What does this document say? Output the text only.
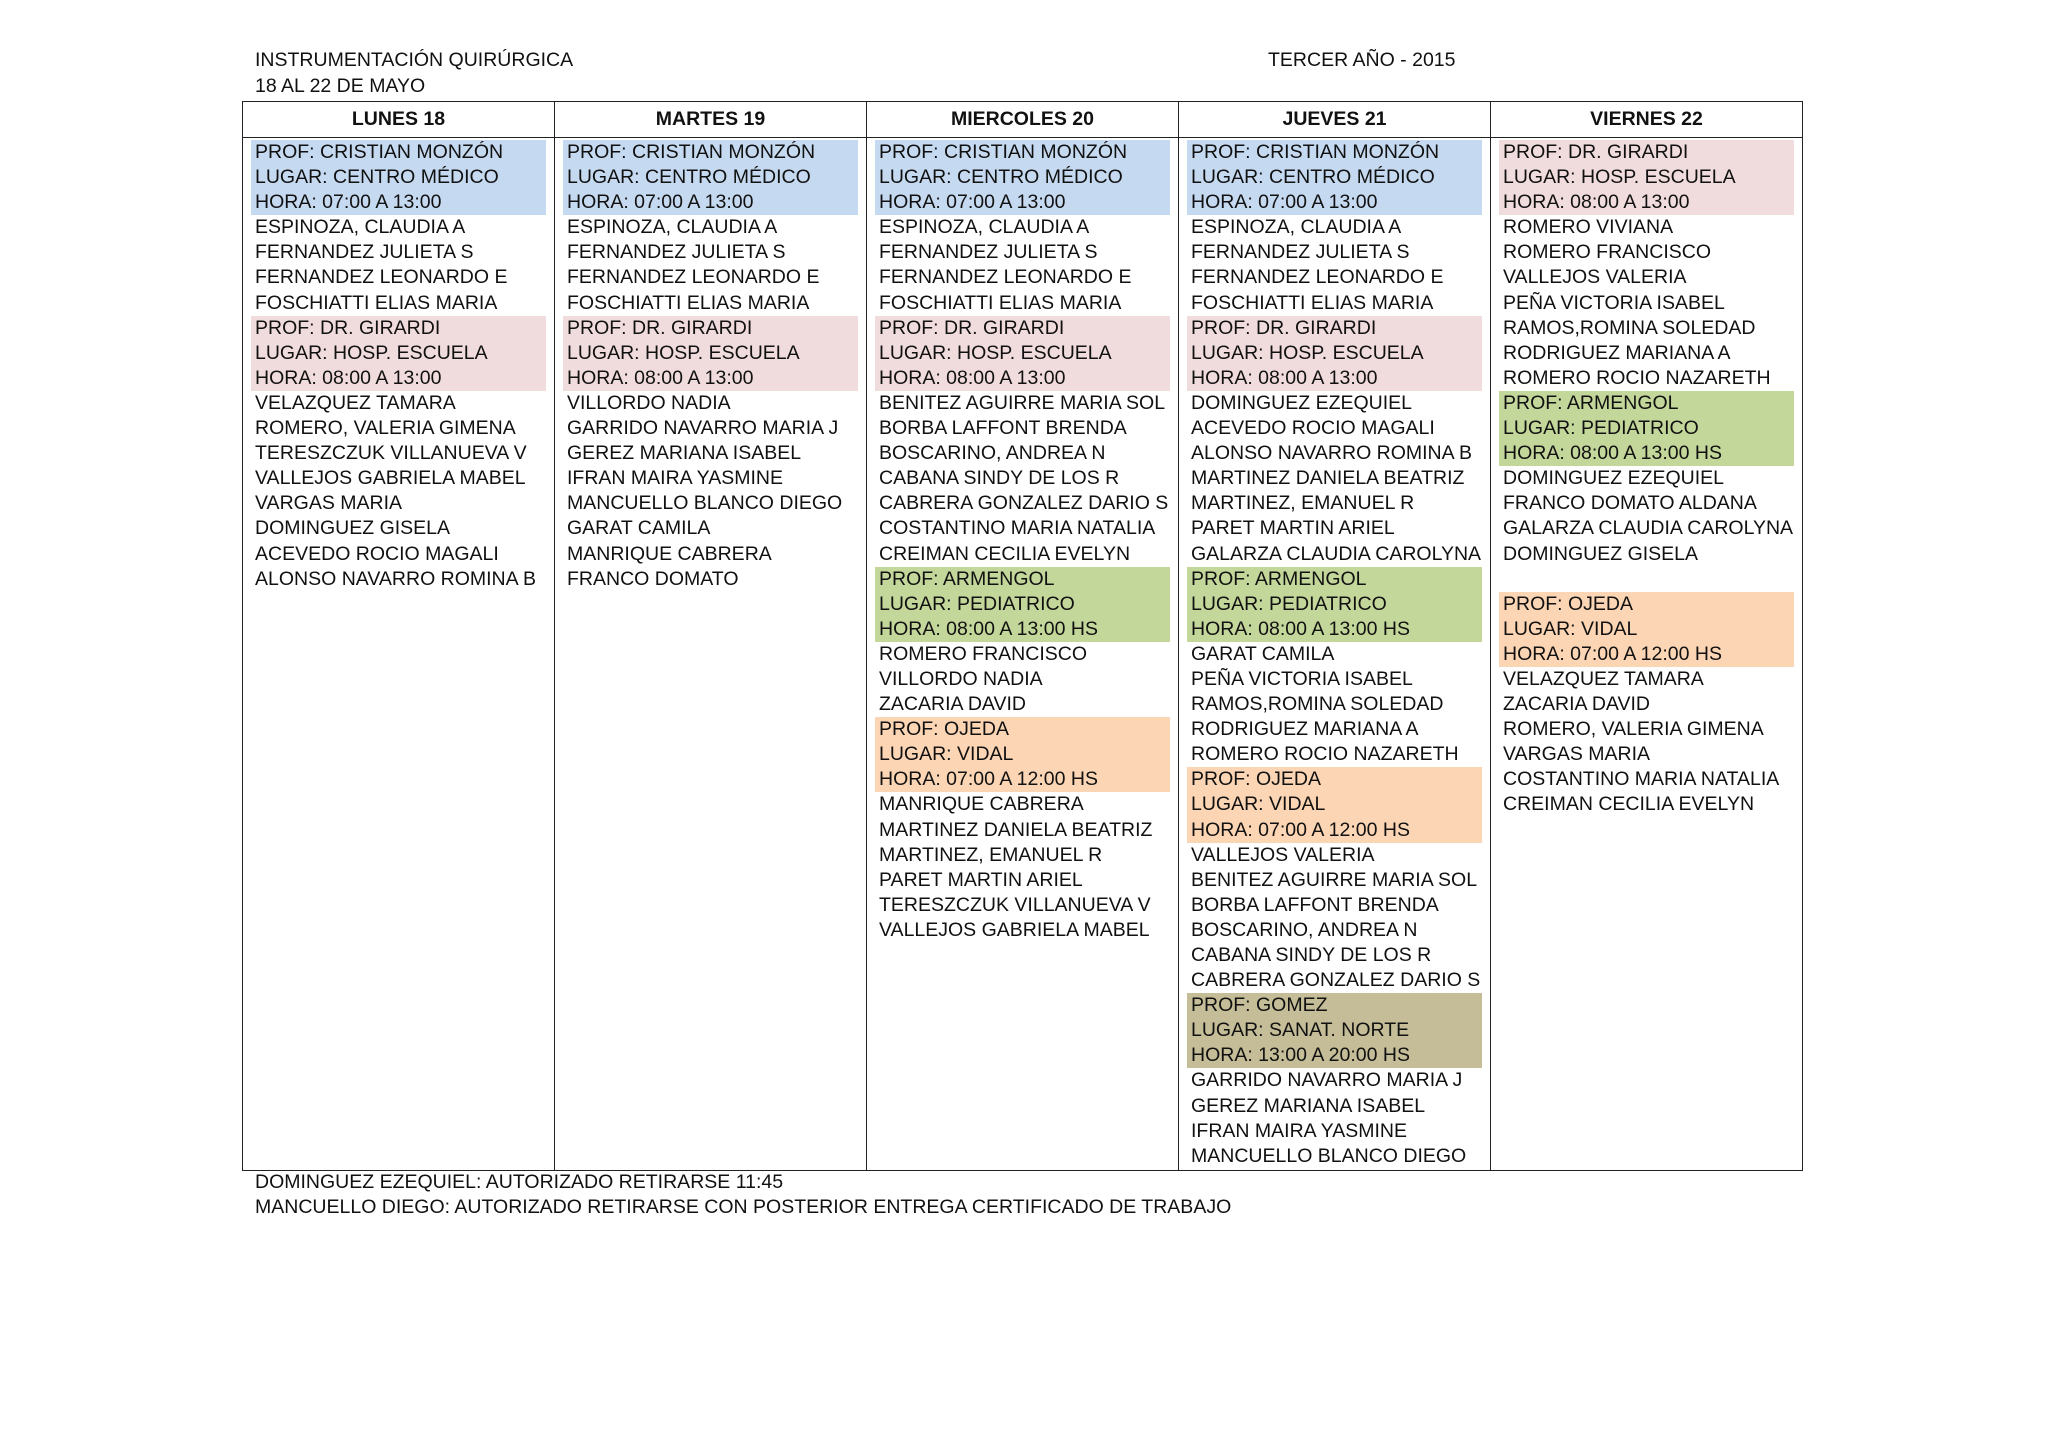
INSTRUMENTACIÓN QUIRÚRGICA
18 AL 22 DE MAYO
TERCER AÑO - 2015
LUNES 18
PROF: CRISTIAN MONZÓN
LUGAR: CENTRO MÉDICO
HORA: 07:00 A 13:00
ESPINOZA, CLAUDIA A
FERNANDEZ JULIETA S
FERNANDEZ LEONARDO E
FOSCHIATTI ELIAS MARIA
PROF: DR. GIRARDI
LUGAR: HOSP. ESCUELA
HORA: 08:00 A 13:00
VELAZQUEZ TAMARA
ROMERO, VALERIA GIMENA
TERESZCZUK VILLANUEVA V
VALLEJOS GABRIELA MABEL
VARGAS MARIA
DOMINGUEZ GISELA
ACEVEDO ROCIO MAGALI
ALONSO NAVARRO ROMINA B
MARTES 19
PROF: CRISTIAN MONZÓN
LUGAR: CENTRO MÉDICO
HORA: 07:00 A 13:00
ESPINOZA, CLAUDIA A
FERNANDEZ JULIETA S
FERNANDEZ LEONARDO E
FOSCHIATTI ELIAS MARIA
PROF: DR. GIRARDI
LUGAR: HOSP. ESCUELA
HORA: 08:00 A 13:00
VILLORDO NADIA
GARRIDO NAVARRO MARIA J
GEREZ MARIANA ISABEL
IFRAN MAIRA YASMINE
MANCUELLO BLANCO DIEGO
GARAT CAMILA
MANRIQUE CABRERA
FRANCO DOMATO
MIERCOLES 20
PROF: CRISTIAN MONZÓN
LUGAR: CENTRO MÉDICO
HORA: 07:00 A 13:00
ESPINOZA, CLAUDIA A
FERNANDEZ JULIETA S
FERNANDEZ LEONARDO E
FOSCHIATTI ELIAS MARIA
PROF: DR. GIRARDI
LUGAR: HOSP. ESCUELA
HORA: 08:00 A 13:00
BENITEZ AGUIRRE MARIA SOL
BORBA LAFFONT BRENDA
BOSCARINO, ANDREA N
CABANA SINDY DE LOS R
CABRERA GONZALEZ DARIO S
COSTANTINO MARIA NATALIA
CREIMAN CECILIA EVELYN
PROF: ARMENGOL
LUGAR: PEDIATRICO
HORA: 08:00 A 13:00 HS
ROMERO FRANCISCO
VILLORDO NADIA
ZACARIA DAVID
PROF: OJEDA
LUGAR: VIDAL
HORA: 07:00 A 12:00 HS
MANRIQUE CABRERA
MARTINEZ DANIELA BEATRIZ
MARTINEZ, EMANUEL R
PARET MARTIN ARIEL
TERESZCZUK VILLANUEVA V
VALLEJOS GABRIELA MABEL
JUEVES 21
PROF: CRISTIAN MONZÓN
LUGAR: CENTRO MÉDICO
HORA: 07:00 A 13:00
ESPINOZA, CLAUDIA A
FERNANDEZ JULIETA S
FERNANDEZ LEONARDO E
FOSCHIATTI ELIAS MARIA
PROF: DR. GIRARDI
LUGAR: HOSP. ESCUELA
HORA: 08:00 A 13:00
DOMINGUEZ EZEQUIEL
ACEVEDO ROCIO MAGALI
ALONSO NAVARRO ROMINA B
MARTINEZ DANIELA BEATRIZ
MARTINEZ, EMANUEL R
PARET MARTIN ARIEL
GALARZA CLAUDIA CAROLYNA
PROF: ARMENGOL
LUGAR: PEDIATRICO
HORA: 08:00 A 13:00 HS
GARAT CAMILA
PEÑA VICTORIA ISABEL
RAMOS,ROMINA SOLEDAD
RODRIGUEZ MARIANA A
ROMERO ROCIO NAZARETH
PROF: OJEDA
LUGAR: VIDAL
HORA: 07:00 A 12:00 HS
VALLEJOS VALERIA
BENITEZ AGUIRRE MARIA SOL
BORBA LAFFONT BRENDA
BOSCARINO, ANDREA N
CABANA SINDY DE LOS R
CABRERA GONZALEZ DARIO S
PROF: GOMEZ
LUGAR: SANAT. NORTE
HORA: 13:00 A 20:00 HS
GARRIDO NAVARRO MARIA J
GEREZ MARIANA ISABEL
IFRAN MAIRA YASMINE
MANCUELLO BLANCO DIEGO
VIERNES 22
PROF: DR. GIRARDI
LUGAR: HOSP. ESCUELA
HORA: 08:00 A 13:00
ROMERO VIVIANA
ROMERO FRANCISCO
VALLEJOS VALERIA
PEÑA VICTORIA ISABEL
RAMOS,ROMINA SOLEDAD
RODRIGUEZ MARIANA A
ROMERO ROCIO NAZARETH
PROF: ARMENGOL
LUGAR: PEDIATRICO
HORA: 08:00 A 13:00 HS
DOMINGUEZ EZEQUIEL
FRANCO DOMATO ALDANA
GALARZA CLAUDIA CAROLYNA
DOMINGUEZ GISELA
PROF: OJEDA
LUGAR: VIDAL
HORA: 07:00 A 12:00 HS
VELAZQUEZ TAMARA
ZACARIA DAVID
ROMERO, VALERIA GIMENA
VARGAS MARIA
COSTANTINO MARIA NATALIA
CREIMAN CECILIA EVELYN
DOMINGUEZ EZEQUIEL: AUTORIZADO RETIRARSE 11:45
MANCUELLO DIEGO: AUTORIZADO RETIRARSE CON POSTERIOR ENTREGA CERTIFICADO DE TRABAJO
